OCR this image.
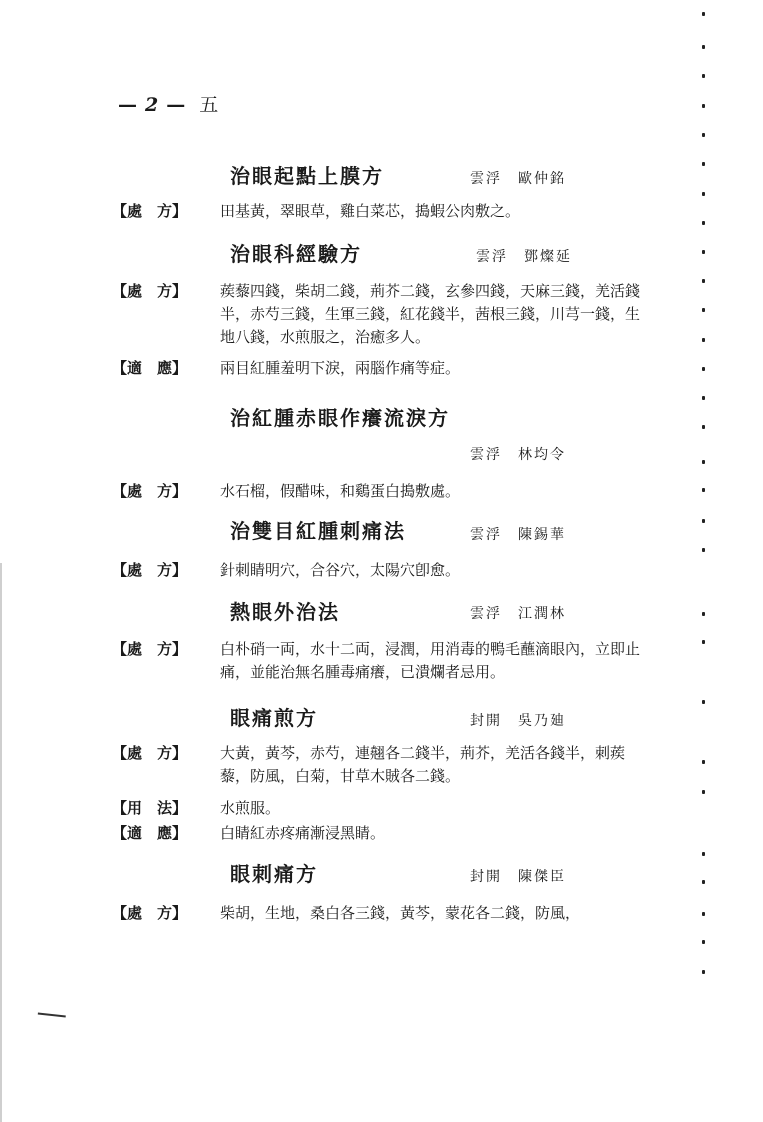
— 2 — 五
治眼起點上膜方	雲浮　歐仲銘
【處　方】	田基黃，翠眼草，雞白菜芯，搗蝦公肉敷之。
治眼科經驗方	雲浮　鄧燦延
【處　方】	蒺藜四錢，柴胡二錢，荊芥二錢，玄參四錢，天麻三錢，羌活錢半，赤芍三錢，生軍三錢，紅花錢半，茜根三錢，川芎一錢，生地八錢，水煎服之，治癒多人。
【適　應】	兩目紅腫羞明下淚，兩腦作痛等症。
治紅腫赤眼作癢流淚方
雲浮　林均令
【處　方】	水石榴，假醋味，和鷄蛋白搗敷處。
治雙目紅腫刺痛法	雲浮　陳錫華
【處　方】	針刺睛明穴，合谷穴，太陽穴卽愈。
熱眼外治法	雲浮　江潤林
【處　方】	白朴硝一両，水十二両，浸潤，用消毒的鴨毛蘸滴眼內，立即止痛，並能治無名腫毒痛癢，已潰爛者忌用。
眼痛煎方	封開　吳乃廸
【處　方】	大黃，黃芩，赤芍，連翹各二錢半，荊芥，羌活各錢半，刺蒺藜，防風，白菊，甘草木賊各二錢。
【用　法】	水煎服。
【適　應】	白睛紅赤疼痛漸浸黑睛。
眼刺痛方	封開　陳傑臣
【處　方】	柴胡，生地，桑白各三錢，黃芩，蒙花各二錢，防風，
